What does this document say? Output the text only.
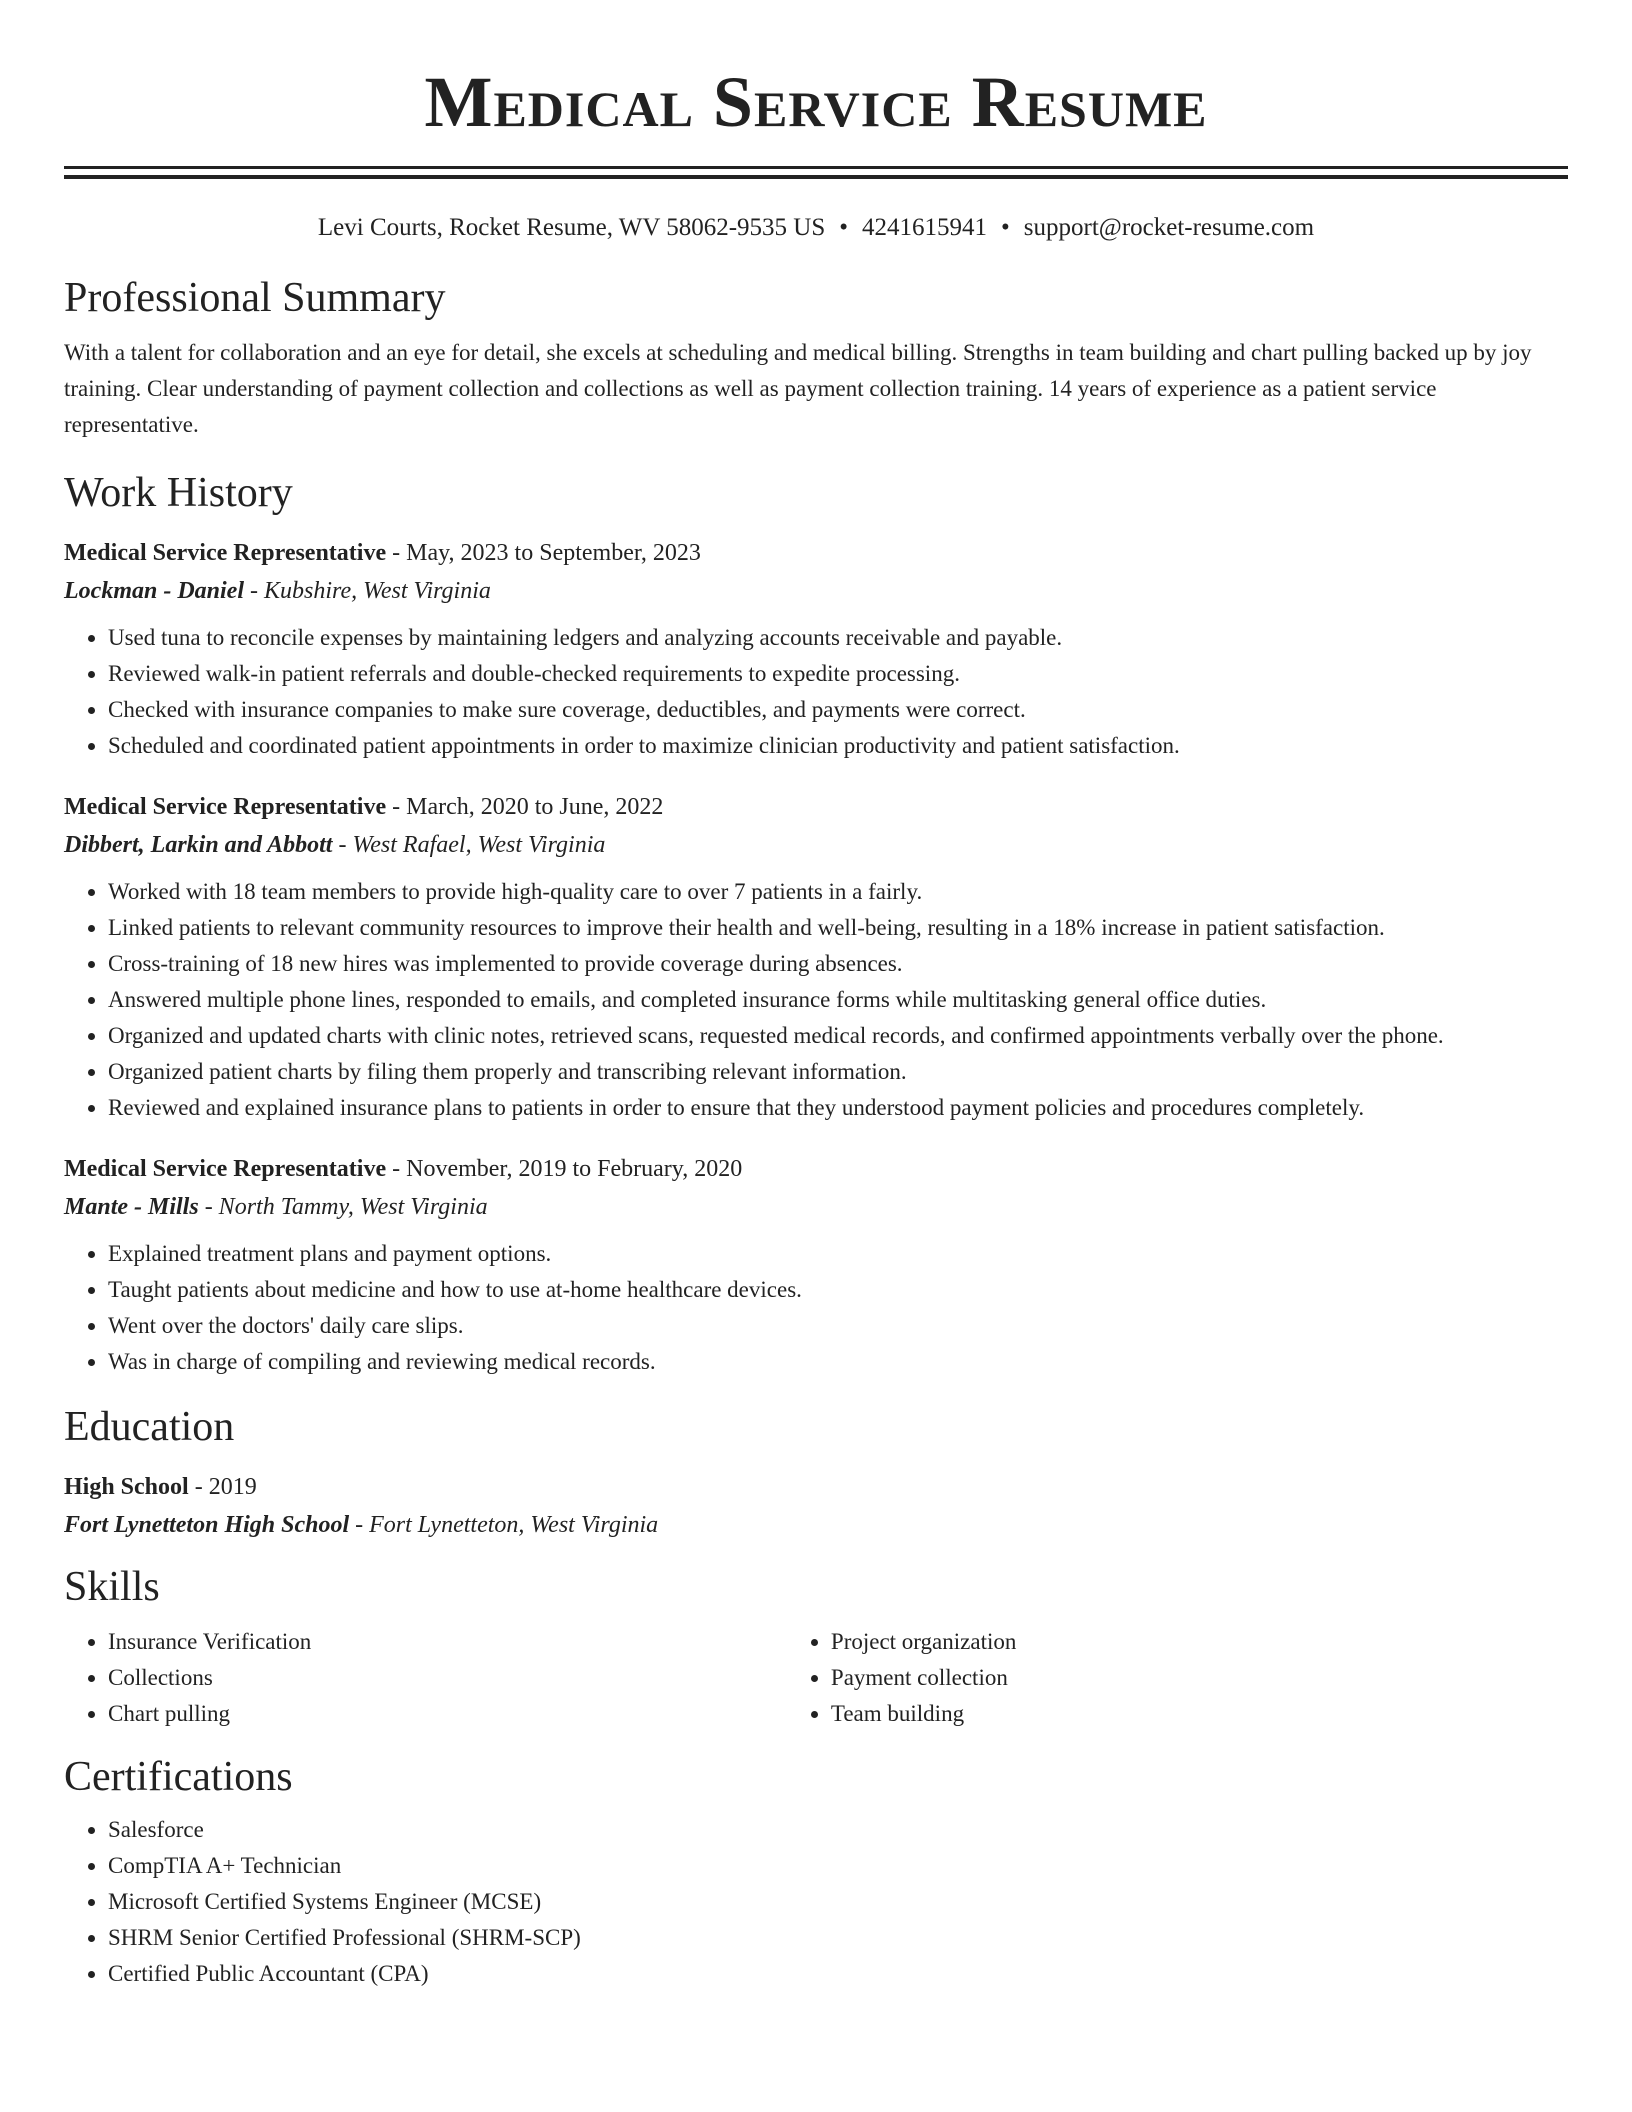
Medical Service Resume
Levi Courts, Rocket Resume, WV 58062-9535 US • 4241615941 • support@rocket-resume.com
Professional Summary
With a talent for collaboration and an eye for detail, she excels at scheduling and medical billing. Strengths in team building and chart pulling backed up by joy training. Clear understanding of payment collection and collections as well as payment collection training. 14 years of experience as a patient service representative.
Work History
Medical Service Representative - May, 2023 to September, 2023
Lockman - Daniel - Kubshire, West Virginia
• Used tuna to reconcile expenses by maintaining ledgers and analyzing accounts receivable and payable.
• Reviewed walk-in patient referrals and double-checked requirements to expedite processing.
• Checked with insurance companies to make sure coverage, deductibles, and payments were correct.
• Scheduled and coordinated patient appointments in order to maximize clinician productivity and patient satisfaction.
Medical Service Representative - March, 2020 to June, 2022
Dibbert, Larkin and Abbott - West Rafael, West Virginia
• Worked with 18 team members to provide high-quality care to over 7 patients in a fairly.
• Linked patients to relevant community resources to improve their health and well-being, resulting in a 18% increase in patient satisfaction.
• Cross-training of 18 new hires was implemented to provide coverage during absences.
• Answered multiple phone lines, responded to emails, and completed insurance forms while multitasking general office duties.
• Organized and updated charts with clinic notes, retrieved scans, requested medical records, and confirmed appointments verbally over the phone.
• Organized patient charts by filing them properly and transcribing relevant information.
• Reviewed and explained insurance plans to patients in order to ensure that they understood payment policies and procedures completely.
Medical Service Representative - November, 2019 to February, 2020
Mante - Mills - North Tammy, West Virginia
• Explained treatment plans and payment options.
• Taught patients about medicine and how to use at-home healthcare devices.
• Went over the doctors' daily care slips.
• Was in charge of compiling and reviewing medical records.
Education
High School - 2019
Fort Lynetteton High School - Fort Lynetteton, West Virginia
Skills
• Insurance Verification
• Collections
• Chart pulling
• Project organization
• Payment collection
• Team building
Certifications
• Salesforce
• CompTIA A+ Technician
• Microsoft Certified Systems Engineer (MCSE)
• SHRM Senior Certified Professional (SHRM-SCP)
• Certified Public Accountant (CPA)
